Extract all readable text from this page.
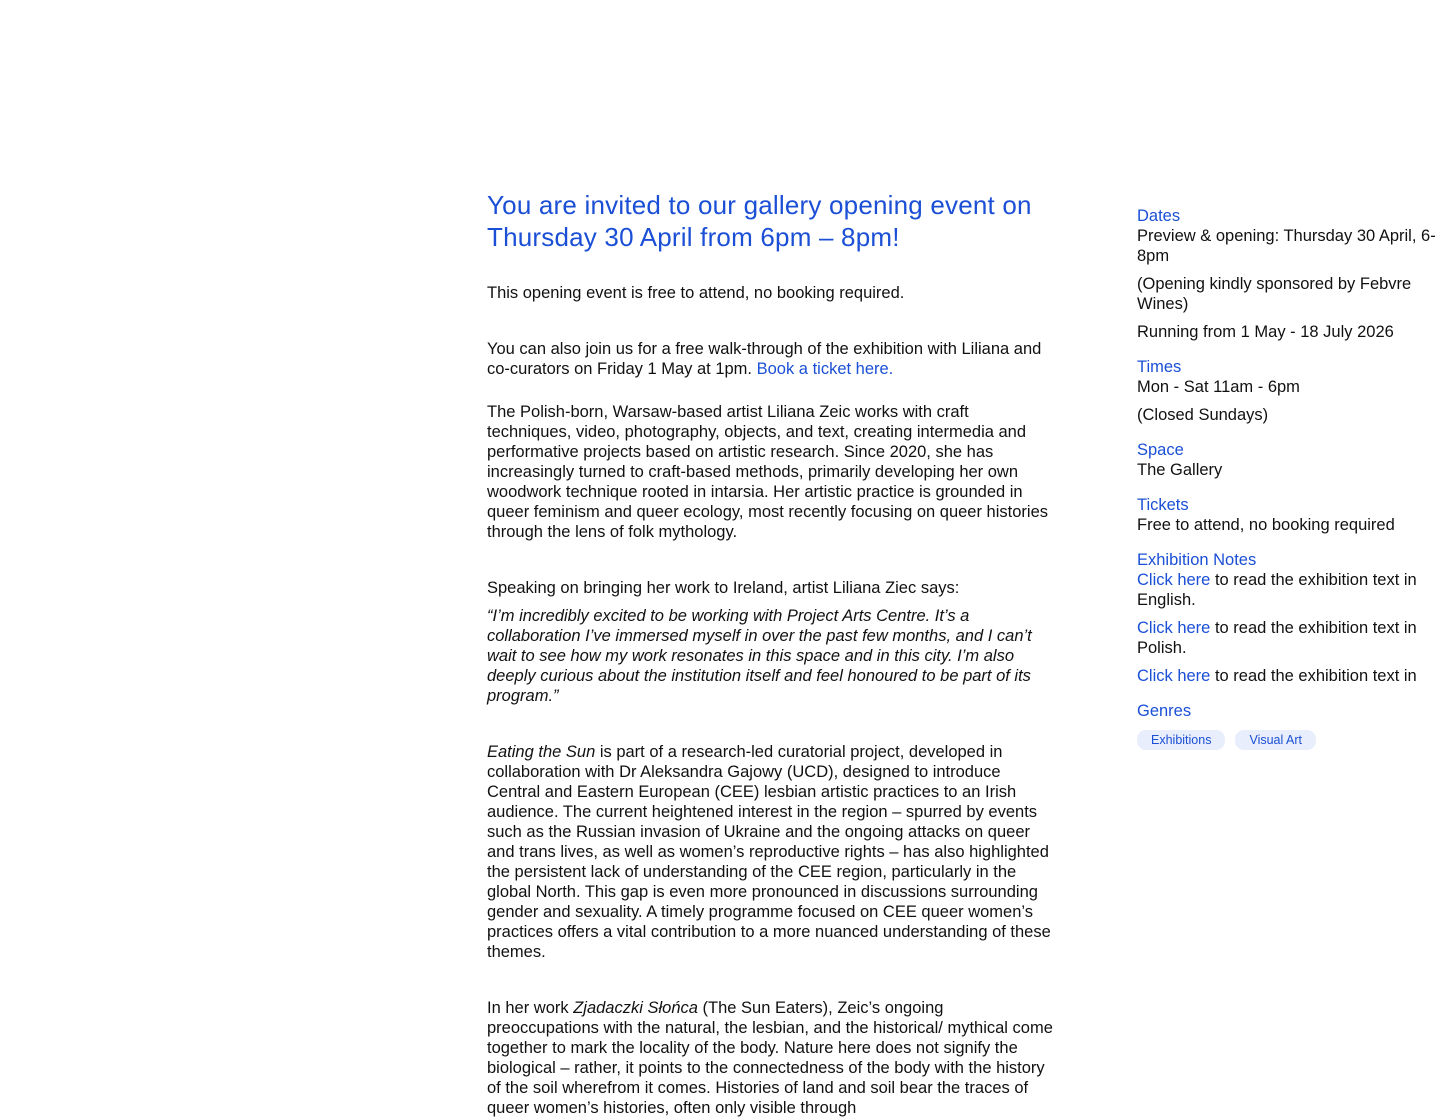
You are invited to our gallery opening event on Thursday 30 April from 6pm – 8pm!

This opening event is free to attend, no booking required.

You can also join us for a free walk-through of the exhibition with Liliana and co-curators on Friday 1 May at 1pm. Book a ticket here.

The Polish-born, Warsaw-based artist Liliana Zeic works with craft techniques, video, photography, objects, and text, creating intermedia and performative projects based on artistic research. Since 2020, she has increasingly turned to craft-based methods, primarily developing her own woodwork technique rooted in intarsia. Her artistic practice is grounded in queer feminism and queer ecology, most recently focusing on queer histories through the lens of folk mythology.

Speaking on bringing her work to Ireland, artist Liliana Ziec says:

“I’m incredibly excited to be working with Project Arts Centre. It’s a collaboration I’ve immersed myself in over the past few months, and I can’t wait to see how my work resonates in this space and in this city. I’m also deeply curious about the institution itself and feel honoured to be part of its program.”

Eating the Sun is part of a research-led curatorial project, developed in collaboration with Dr Aleksandra Gajowy (UCD), designed to introduce Central and Eastern European (CEE) lesbian artistic practices to an Irish audience. The current heightened interest in the region – spurred by events such as the Russian invasion of Ukraine and the ongoing attacks on queer and trans lives, as well as women’s reproductive rights – has also highlighted the persistent lack of understanding of the CEE region, particularly in the global North. This gap is even more pronounced in discussions surrounding gender and sexuality. A timely programme focused on CEE queer women’s practices offers a vital contribution to a more nuanced understanding of these themes.

In her work Zjadaczki Słońca (The Sun Eaters), Zeic’s ongoing preoccupations with the natural, the lesbian, and the historical/ mythical come together to mark the locality of the body. Nature here does not signify the biological – rather, it points to the connectedness of the body with the history of the soil wherefrom it comes. Histories of land and soil bear the traces of queer women’s histories, often only visible through

Dates

Preview & opening: Thursday 30 April, 6-8pm

(Opening kindly sponsored by Febvre Wines)

Running from 1 May - 18 July 2026

Times

Mon - Sat 11am - 6pm

(Closed Sundays)

Space

The Gallery

Tickets

Free to attend, no booking required

Exhibition Notes

Click here to read the exhibition text in English.

Click here to read the exhibition text in Polish.

Click here to read the exhibition text in

Genres

Exhibitions	Visual Art
